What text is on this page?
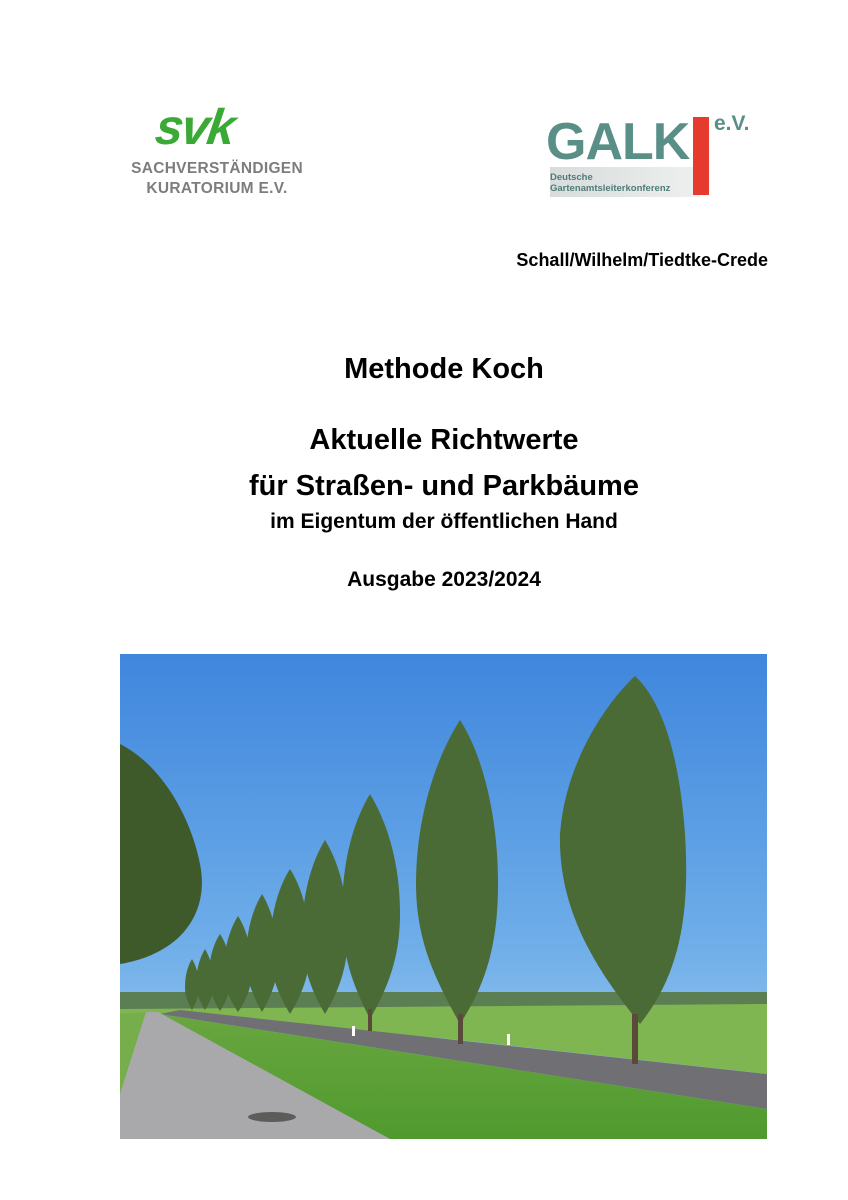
svk
SACHVERSTÄNDIGEN
KURATORIUM E.V.
GALK e.V.
Deutsche
Gartenamtsleiterkonferenz
Schall/Wilhelm/Tiedtke-Crede
Methode Koch
Aktuelle Richtwerte
für Straßen- und Parkbäume
im Eigentum der öffentlichen Hand
Ausgabe 2023/2024
